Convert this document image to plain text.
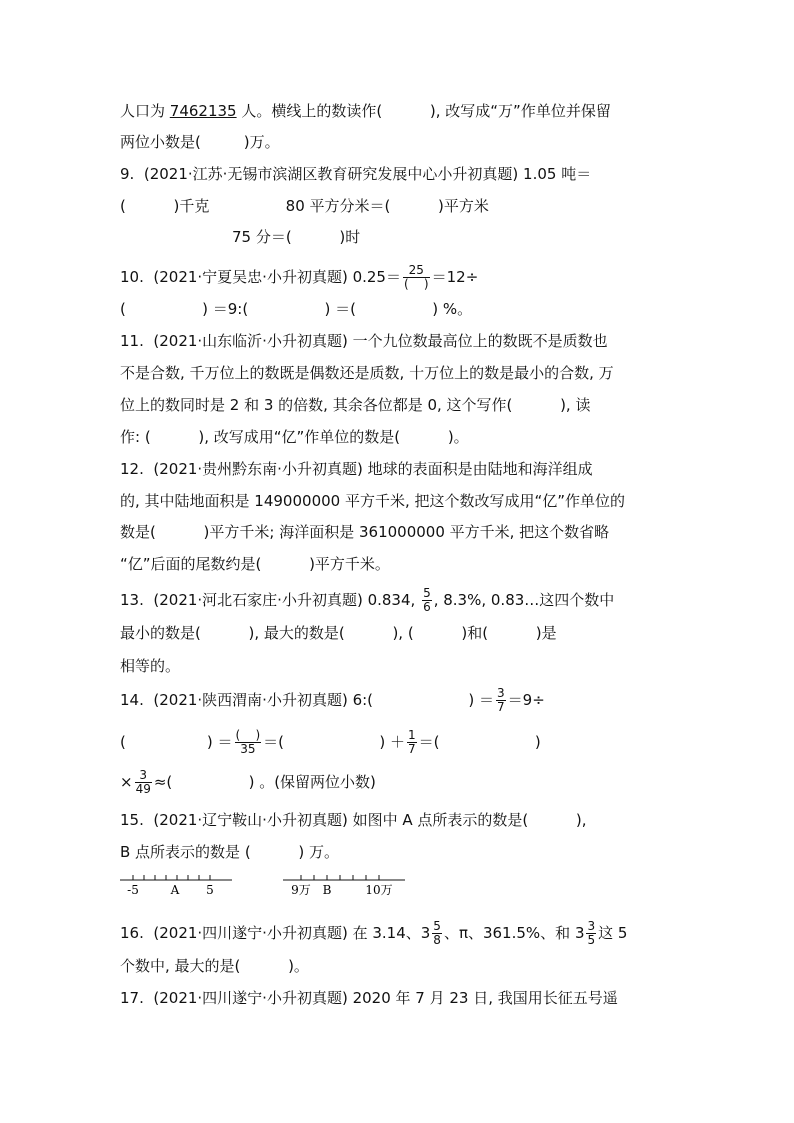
人口为 7462135 人。横线上的数读作(          ), 改写成“万”作单位并保留
两位小数是(         )万。
9.  (2021·江苏·无锡市滨湖区教育研究发展中心小升初真题) 1.05 吨＝
(          )千克                80 平方分米＝(          )平方米
75 分＝(          )时
10.  (2021·宁夏吴忠·小升初真题) $0.25= \frac{25}{( )} =12\div$
(                ) ＝9:(                ) ＝(                ) %。
11.  (2021·山东临沂·小升初真题) 一个九位数最高位上的数既不是质数也
不是合数, 千万位上的数既是偶数还是质数, 十万位上的数是最小的合数, 万
位上的数同时是 2 和 3 的倍数, 其余各位都是 0, 这个写作(          ), 读
作: (          ), 改写成用“亿”作单位的数是(          )。
12.  (2021·贵州黔东南·小升初真题) 地球的表面积是由陆地和海洋组成
的, 其中陆地面积是 149000000 平方千米, 把这个数改写成用“亿”作单位的
数是(          )平方千米; 海洋面积是 361000000 平方千米, 把这个数省略
“亿”后面的尾数约是(          )平方千米。
13.  (2021·河北石家庄·小升初真题) 0.834, $\frac{5}{6}$ , 8.3%, 0.83…这四个数中
最小的数是(          ), 最大的数是(          ), (          )和(          )是
相等的。
14.  (2021·陕西渭南·小升初真题) 6:(                    ) ＝ $\frac{3}{7} =9\div$
(                 ) ＝ $\frac{( )}{35}$ ＝(                    ) ＋ $\frac{1}{7}$ ＝(                    )
× $\frac{3}{49}$ ≈(                ) 。(保留两位小数)
15.  (2021·辽宁鞍山·小升初真题) 如图中 A 点所表示的数是(          ),
B 点所表示的数是 (          ) 万。
-5	A 5	9万 B	10万
16.  (2021·四川遂宁·小升初真题) 在 3.14、$3 \frac{5}{8}$ 、π、361.5%、和 $3 \frac{3}{5}$ 这 5
个数中, 最大的是(          )。
17.  (2021·四川遂宁·小升初真题) 2020 年 7 月 23 日, 我国用长征五号遥
